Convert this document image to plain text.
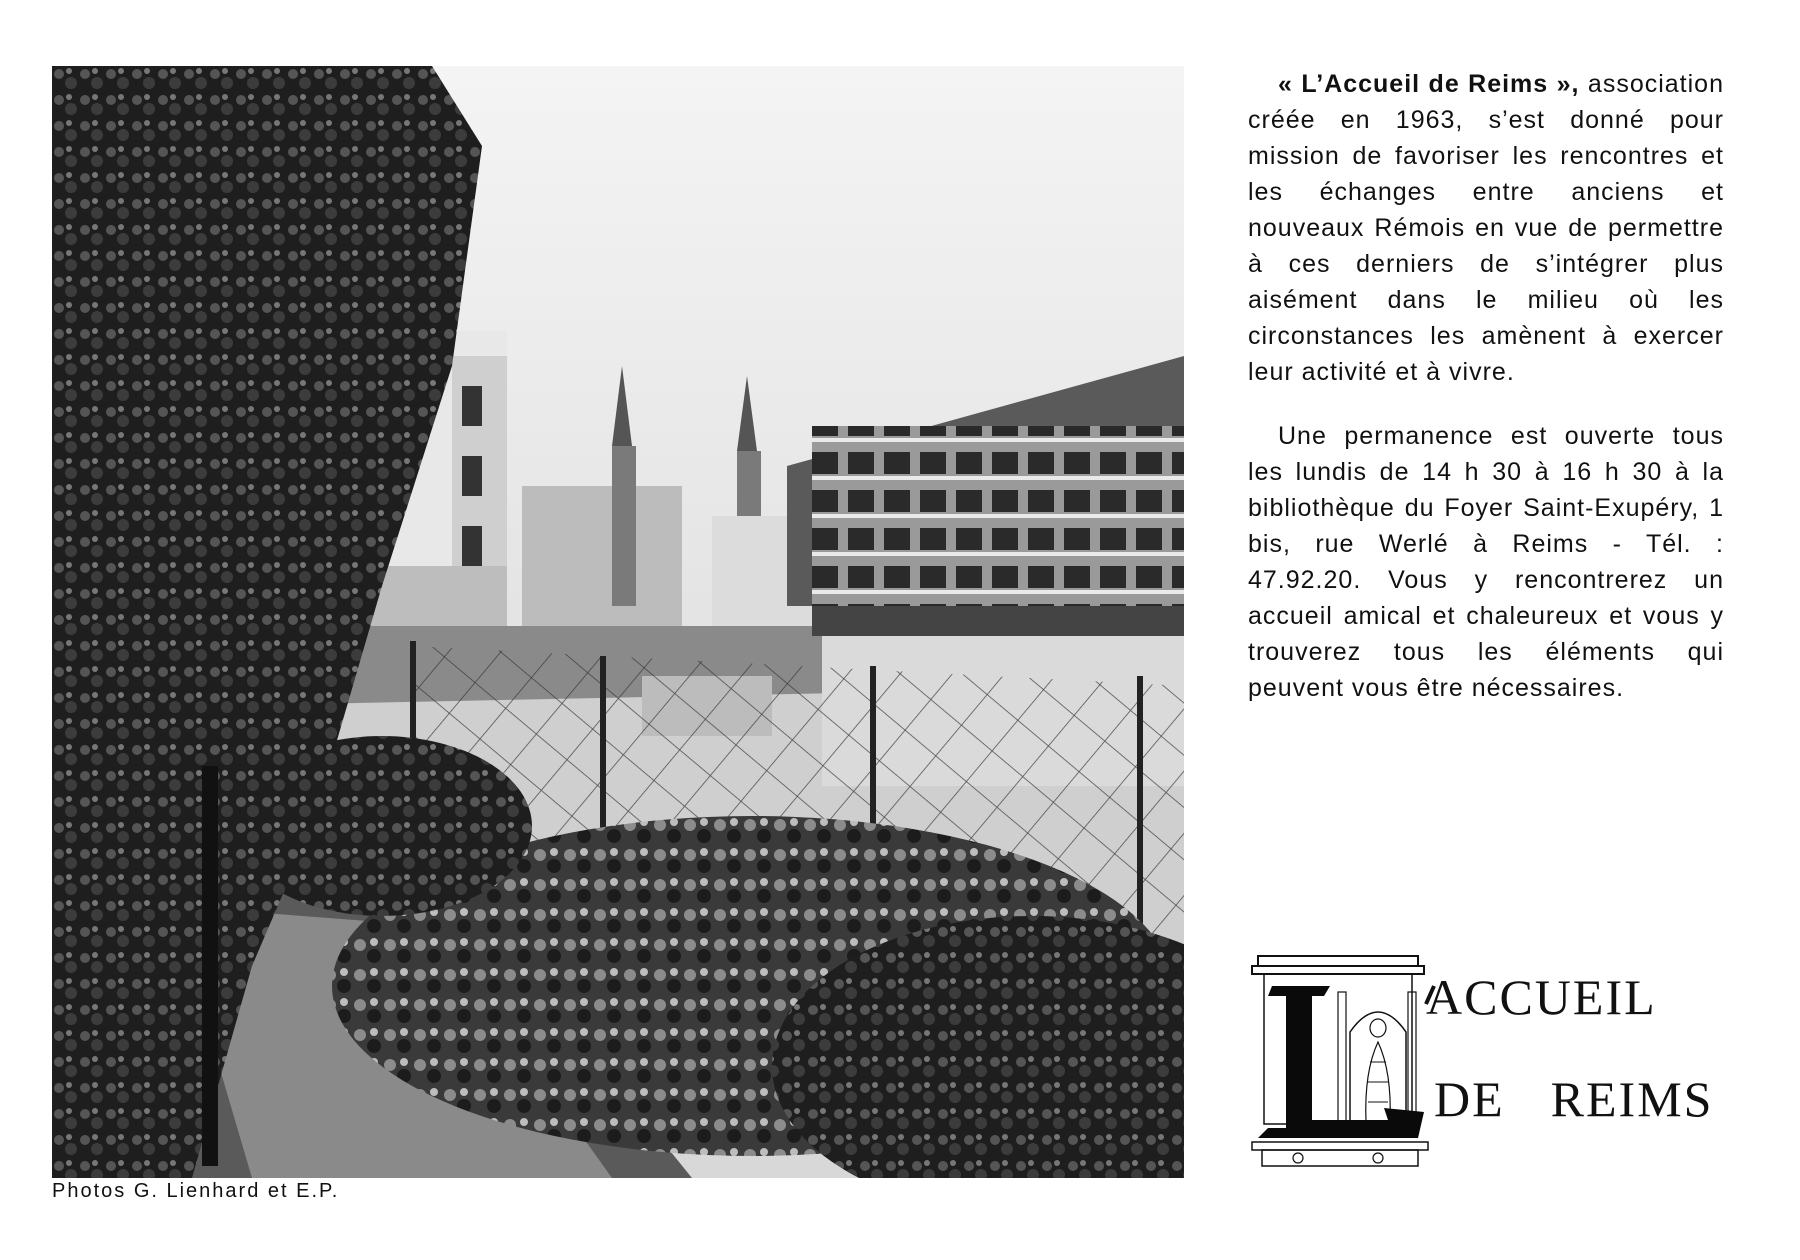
Photos G. Lienhard et E.P.

« L’Accueil de Reims », association créée en 1963, s’est donné pour mission de favoriser les rencontres et les échanges entre anciens et nouveaux Rémois en vue de permettre à ces derniers de s’intégrer plus aisément dans le milieu où les circonstances les amènent à exercer leur activité et à vivre.

Une permanence est ouverte tous les lundis de 14 h 30 à 16 h 30 à la bibliothèque du Foyer Saint-Exupéry, 1 bis, rue Werlé à Reims - Tél. : 47.92.20. Vous y rencontrerez un accueil amical et chaleureux et vous y trouverez tous les éléments qui peuvent vous être nécessaires.

ACCUEIL
DE REIMS
